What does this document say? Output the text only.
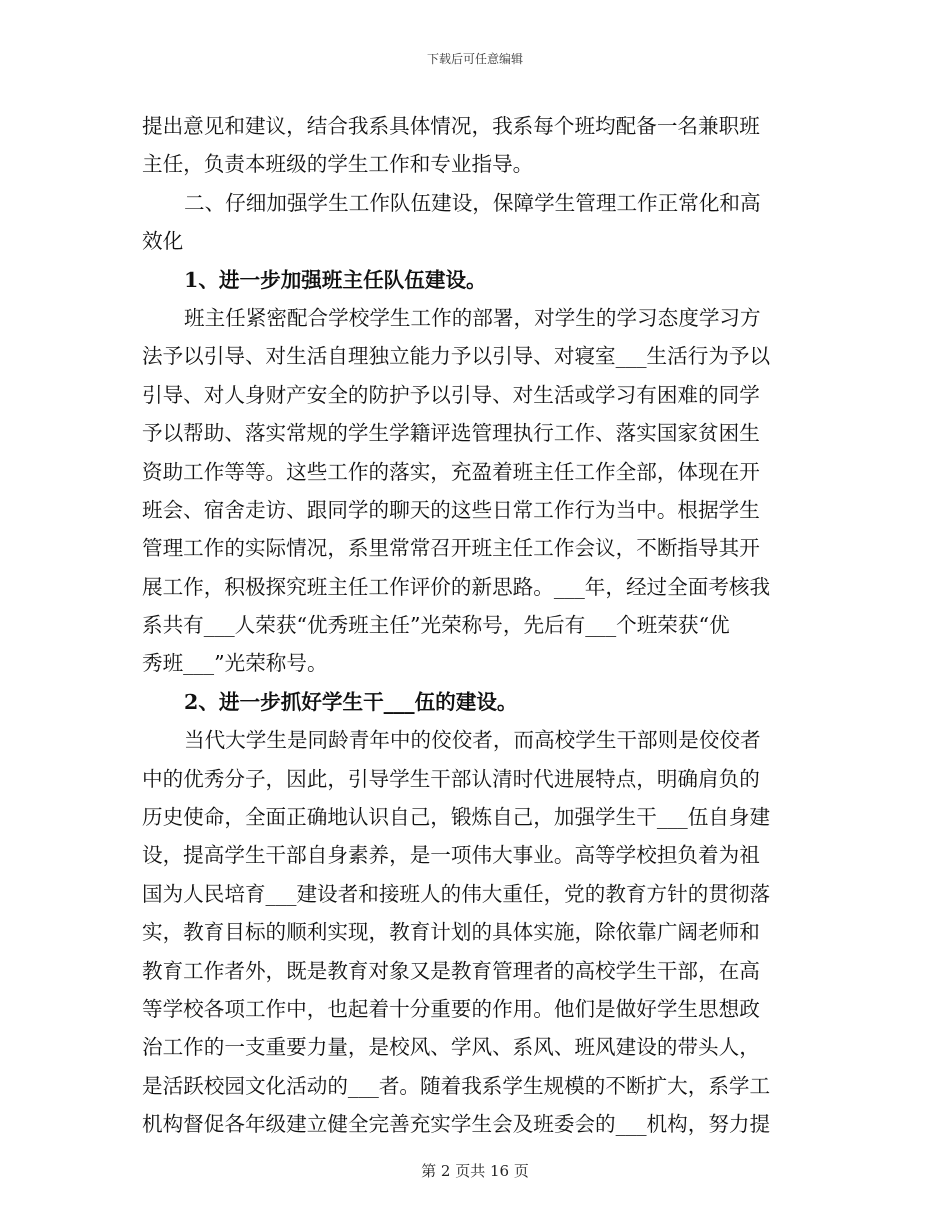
下载后可任意编辑
提出意见和建议，结合我系具体情况，我系每个班均配备一名兼职班
主任，负责本班级的学生工作和专业指导。
二、仔细加强学生工作队伍建设，保障学生管理工作正常化和高
效化
1、进一步加强班主任队伍建设。
班主任紧密配合学校学生工作的部署，对学生的学习态度学习方
法予以引导、对生活自理独立能力予以引导、对寝室___生活行为予以
引导、对人身财产安全的防护予以引导、对生活或学习有困难的同学
予以帮助、落实常规的学生学籍评选管理执行工作、落实国家贫困生
资助工作等等。这些工作的落实，充盈着班主任工作全部，体现在开
班会、宿舍走访、跟同学的聊天的这些日常工作行为当中。根据学生
管理工作的实际情况，系里常常召开班主任工作会议，不断指导其开
展工作，积极探究班主任工作评价的新思路。___年，经过全面考核我
系共有___人荣获“优秀班主任”光荣称号，先后有___个班荣获“优
秀班___”光荣称号。
2、进一步抓好学生干___伍的建设。
当代大学生是同龄青年中的佼佼者，而高校学生干部则是佼佼者
中的优秀分子，因此，引导学生干部认清时代进展特点，明确肩负的
历史使命，全面正确地认识自己，锻炼自己，加强学生干___伍自身建
设，提高学生干部自身素养，是一项伟大事业。高等学校担负着为祖
国为人民培育___建设者和接班人的伟大重任，党的教育方针的贯彻落
实，教育目标的顺利实现，教育计划的具体实施，除依靠广阔老师和
教育工作者外，既是教育对象又是教育管理者的高校学生干部，在高
等学校各项工作中，也起着十分重要的作用。他们是做好学生思想政
治工作的一支重要力量，是校风、学风、系风、班风建设的带头人，
是活跃校园文化活动的___者。随着我系学生规模的不断扩大，系学工
机构督促各年级建立健全完善充实学生会及班委会的___机构，努力提
第 2 页共 16 页
